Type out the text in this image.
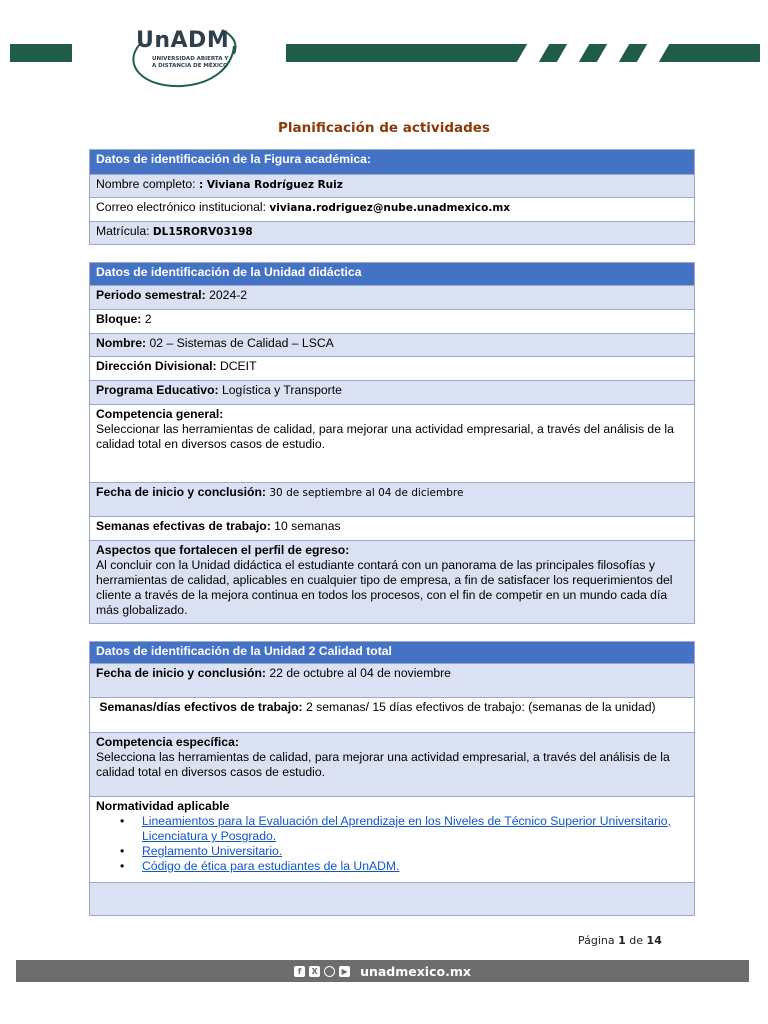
UnADM
UNIVERSIDAD ABIERTA Y A DISTANCIA DE MÉXICO
Planificación de actividades
Datos de identificación de la Figura académica:
Nombre completo: : Viviana Rodríguez Ruiz
Correo electrónico institucional: viviana.rodriguez@nube.unadmexico.mx
Matrícula: DL15RORV03198
Datos de identificación de la Unidad didáctica
Periodo semestral: 2024-2
Bloque: 2
Nombre: 02 – Sistemas de Calidad – LSCA
Dirección Divisional: DCEIT
Programa Educativo: Logística y Transporte
Competencia general:
Seleccionar las herramientas de calidad, para mejorar una actividad empresarial, a través del análisis de la calidad total en diversos casos de estudio.
Fecha de inicio y conclusión: 30 de septiembre al 04 de diciembre
Semanas efectivas de trabajo: 10 semanas
Aspectos que fortalecen el perfil de egreso:
Al concluir con la Unidad didáctica el estudiante contará con un panorama de las principales filosofías y herramientas de calidad, aplicables en cualquier tipo de empresa, a fin de satisfacer los requerimientos del cliente a través de la mejora continua en todos los procesos, con el fin de competir en un mundo cada día más globalizado.
Datos de identificación de la Unidad 2 Calidad total
Fecha de inicio y conclusión: 22 de octubre al 04 de noviembre
Semanas/días efectivos de trabajo: 2 semanas/ 15 días efectivos de trabajo: (semanas de la unidad)
Competencia específica:
Selecciona las herramientas de calidad, para mejorar una actividad empresarial, a través del análisis de la calidad total en diversos casos de estudio.
Normatividad aplicable
• Lineamientos para la Evaluación del Aprendizaje en los Niveles de Técnico Superior Universitario, Licenciatura y Posgrado.
• Reglamento Universitario.
• Código de ética para estudiantes de la UnADM.

Página 1 de 14
f	X	▶ unadmexico.mx
